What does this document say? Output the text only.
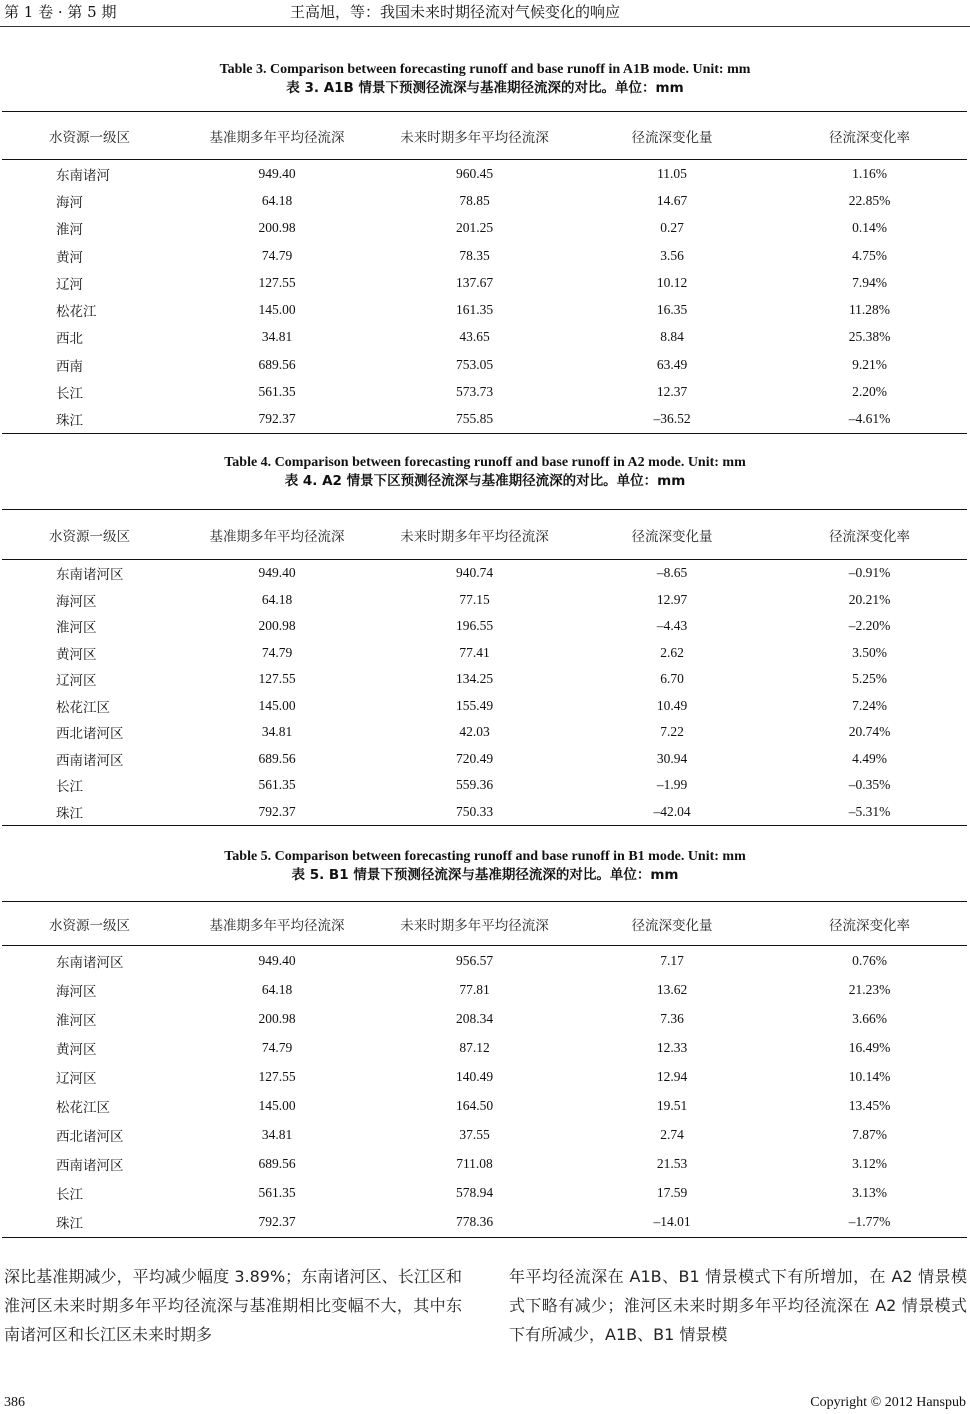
第 1 卷 · 第 5 期	王高旭，等：我国未来时期径流对气候变化的响应
Table 3. Comparison between forecasting runoff and base runoff in A1B mode. Unit: mm
表 3. A1B 情景下预测径流深与基准期径流深的对比。单位：mm
水资源一级区	基准期多年平均径流深	未来时期多年平均径流深	径流深变化量	径流深变化率
东南诸河	949.40	960.45	11.05	1.16%
海河	64.18	78.85	14.67	22.85%
淮河	200.98	201.25	0.27	0.14%
黄河	74.79	78.35	3.56	4.75%
辽河	127.55	137.67	10.12	7.94%
松花江	145.00	161.35	16.35	11.28%
西北	34.81	43.65	8.84	25.38%
西南	689.56	753.05	63.49	9.21%
长江	561.35	573.73	12.37	2.20%
珠江	792.37	755.85	–36.52	–4.61%
Table 4. Comparison between forecasting runoff and base runoff in A2 mode. Unit: mm
表 4. A2 情景下区预测径流深与基准期径流深的对比。单位：mm
水资源一级区	基准期多年平均径流深	未来时期多年平均径流深	径流深变化量	径流深变化率
东南诸河区	949.40	940.74	–8.65	–0.91%
海河区	64.18	77.15	12.97	20.21%
淮河区	200.98	196.55	–4.43	–2.20%
黄河区	74.79	77.41	2.62	3.50%
辽河区	127.55	134.25	6.70	5.25%
松花江区	145.00	155.49	10.49	7.24%
西北诸河区	34.81	42.03	7.22	20.74%
西南诸河区	689.56	720.49	30.94	4.49%
长江	561.35	559.36	–1.99	–0.35%
珠江	792.37	750.33	–42.04	–5.31%
Table 5. Comparison between forecasting runoff and base runoff in B1 mode. Unit: mm
表 5. B1 情景下预测径流深与基准期径流深的对比。单位：mm
水资源一级区	基准期多年平均径流深	未来时期多年平均径流深	径流深变化量	径流深变化率
东南诸河区	949.40	956.57	7.17	0.76%
海河区	64.18	77.81	13.62	21.23%
淮河区	200.98	208.34	7.36	3.66%
黄河区	74.79	87.12	12.33	16.49%
辽河区	127.55	140.49	12.94	10.14%
松花江区	145.00	164.50	19.51	13.45%
西北诸河区	34.81	37.55	2.74	7.87%
西南诸河区	689.56	711.08	21.53	3.12%
长江	561.35	578.94	17.59	3.13%
珠江	792.37	778.36	–14.01	–1.77%
深比基准期减少，平均减少幅度 3.89%；东南诸河区、长江区和淮河区未来时期多年平均径流深与基准期相比变幅不大，其中东南诸河区和长江区未来时期多
年平均径流深在 A1B、B1 情景模式下有所增加，在 A2 情景模式下略有减少；淮河区未来时期多年平均径流深在 A2 情景模式下有所减少，A1B、B1 情景模
386	Copyright © 2012 Hanspub
